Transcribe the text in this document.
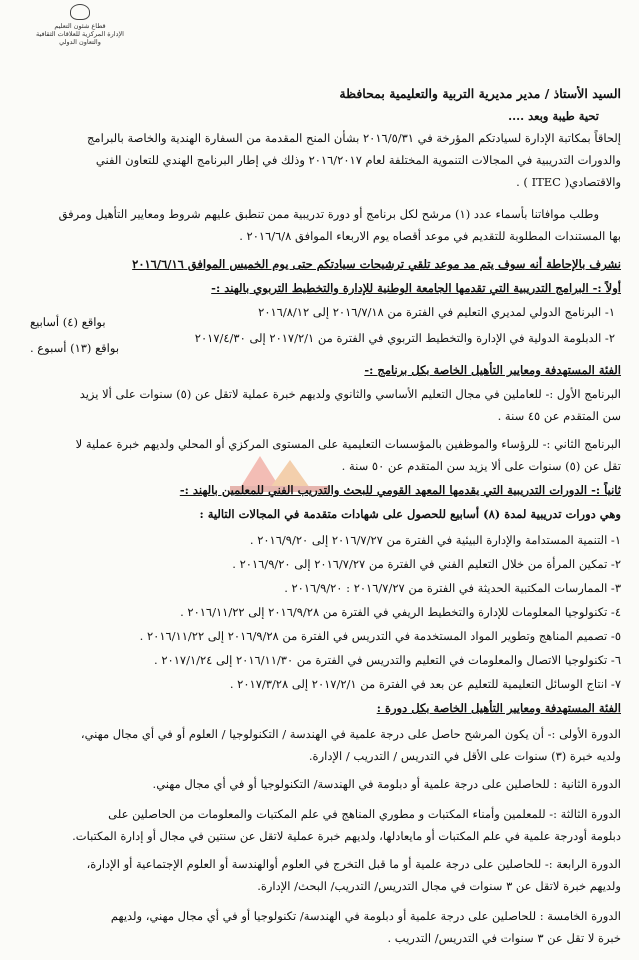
قطاع شئون التعليم
الإدارة المركزية للعلاقات الثقافية
والتعاون الدولي
السيد الأستاذ / مدير مديرية التربية والتعليمية بمحافظة
تحية طيبة وبعد ....
إلحاقاً بمكاتبة الإدارة لسيادتكم المؤرخة في ٢٠١٦/٥/٣١ بشأن المنح المقدمة من السفارة الهندية والخاصة بالبرامج
والدورات التدريبية في المجالات التنموية المختلفة لعام ٢٠١٦/٢٠١٧ وذلك في إطار البرنامج الهندي للتعاون الفني
والاقتصادي( ITEC ) .
وطلب موافاتنا بأسماء عدد (١) مرشح لكل برنامج أو دورة تدريبية ممن تنطبق عليهم شروط ومعايير التأهيل ومرفق
بها المستندات المطلوبة للتقديم في موعد أقصاه يوم الاربعاء الموافق ٢٠١٦/٦/٨ .
نشرف بالإحاطة أنه سوف يتم مد موعد تلقي ترشيحات سيادتكم حتى يوم الخميس الموافق ٢٠١٦/٦/١٦
أولاً :- البرامج التدريبية التي تقدمها الجامعة الوطنية للإدارة والتخطيط التربوي بالهند :-
١- البرنامج الدولي لمديري التعليم في الفترة من ٢٠١٦/٧/١٨ إلى ٢٠١٦/٨/١٢
بواقع (٤) أسابيع
٢- الدبلومة الدولية في الإدارة والتخطيط التربوي في الفترة من ٢٠١٧/٢/١ إلى ٢٠١٧/٤/٣٠
بواقع (١٣) أسبوع .
الفئة المستهدفة ومعايير التأهيل الخاصة بكل برنامج :-
البرنامج الأول :- للعاملين في مجال التعليم الأساسي والثانوي ولديهم خبرة عملية لاتقل عن (٥) سنوات على ألا يزيد
سن المتقدم عن ٤٥ سنة .
البرنامج الثاني :- للرؤساء والموظفين بالمؤسسات التعليمية على المستوى المركزي أو المحلي ولديهم خبرة عملية لا
تقل عن (٥) سنوات على ألا يزيد سن المتقدم عن ٥٠ سنة .
ثانياً :- الدورات التدريبية التي يقدمها المعهد القومي للبحث والتدريب الفني للمعلمين بالهند :-
وهي دورات تدريبية لمدة (٨) أسابيع للحصول على شهادات متقدمة في المجالات التالية :
١- التنمية المستدامة والإدارة البيئية في الفترة من ٢٠١٦/٧/٢٧ إلى ٢٠١٦/٩/٢٠ .
٢- تمكين المرأة من خلال التعليم الفني في الفترة من ٢٠١٦/٧/٢٧ إلى ٢٠١٦/٩/٢٠ .
٣- الممارسات المكتبية الحديثة في الفترة من ٢٠١٦/٧/٢٧ : ٢٠١٦/٩/٢٠ .
٤- تكنولوجيا المعلومات للإدارة والتخطيط الريفي في الفترة من ٢٠١٦/٩/٢٨ إلى ٢٠١٦/١١/٢٢ .
٥- تصميم المناهج وتطوير المواد المستخدمة في التدريس في الفترة من ٢٠١٦/٩/٢٨ إلى ٢٠١٦/١١/٢٢ .
٦- تكنولوجيا الاتصال والمعلومات في التعليم والتدريس في الفترة من ٢٠١٦/١١/٣٠ إلى ٢٠١٧/١/٢٤ .
٧- انتاج الوسائل التعليمية للتعليم عن بعد في الفترة من ٢٠١٧/٢/١ إلى ٢٠١٧/٣/٢٨ .
الفئة المستهدفة ومعايير التأهيل الخاصة بكل دورة :
الدورة الأولى :- أن يكون المرشح حاصل على درجة علمية في الهندسة / التكنولوجيا / العلوم أو في أي مجال مهني،
ولديه خبرة (٣) سنوات على الأقل في التدريس / التدريب / الإدارة.
الدورة الثانية : للحاصلين على درجة علمية أو دبلومة في الهندسة/ التكنولوجيا أو في أي مجال مهني.
الدورة الثالثة :- للمعلمين وأمناء المكتبات و مطوري المناهج في علم المكتبات والمعلومات من الحاصلين على
دبلومة أودرجة علمية في علم المكتبات أو مايعادلها، ولديهم خبرة عملية لاتقل عن سنتين في مجال أو إدارة المكتبات.
الدورة الرابعة :- للحاصلين على درجة علمية أو ما قبل التخرج في العلوم أوالهندسة أو العلوم الإجتماعية أو الإدارة،
ولديهم خبرة لاتقل عن ٣ سنوات في مجال التدريس/ التدريب/ البحث/ الإدارة.
الدورة الخامسة : للحاصلين على درجة علمية أو دبلومة في الهندسة/ تكنولوجيا أو في أي مجال مهني، ولديهم
خبرة لا تقل عن ٣ سنوات في التدريس/ التدريب .
